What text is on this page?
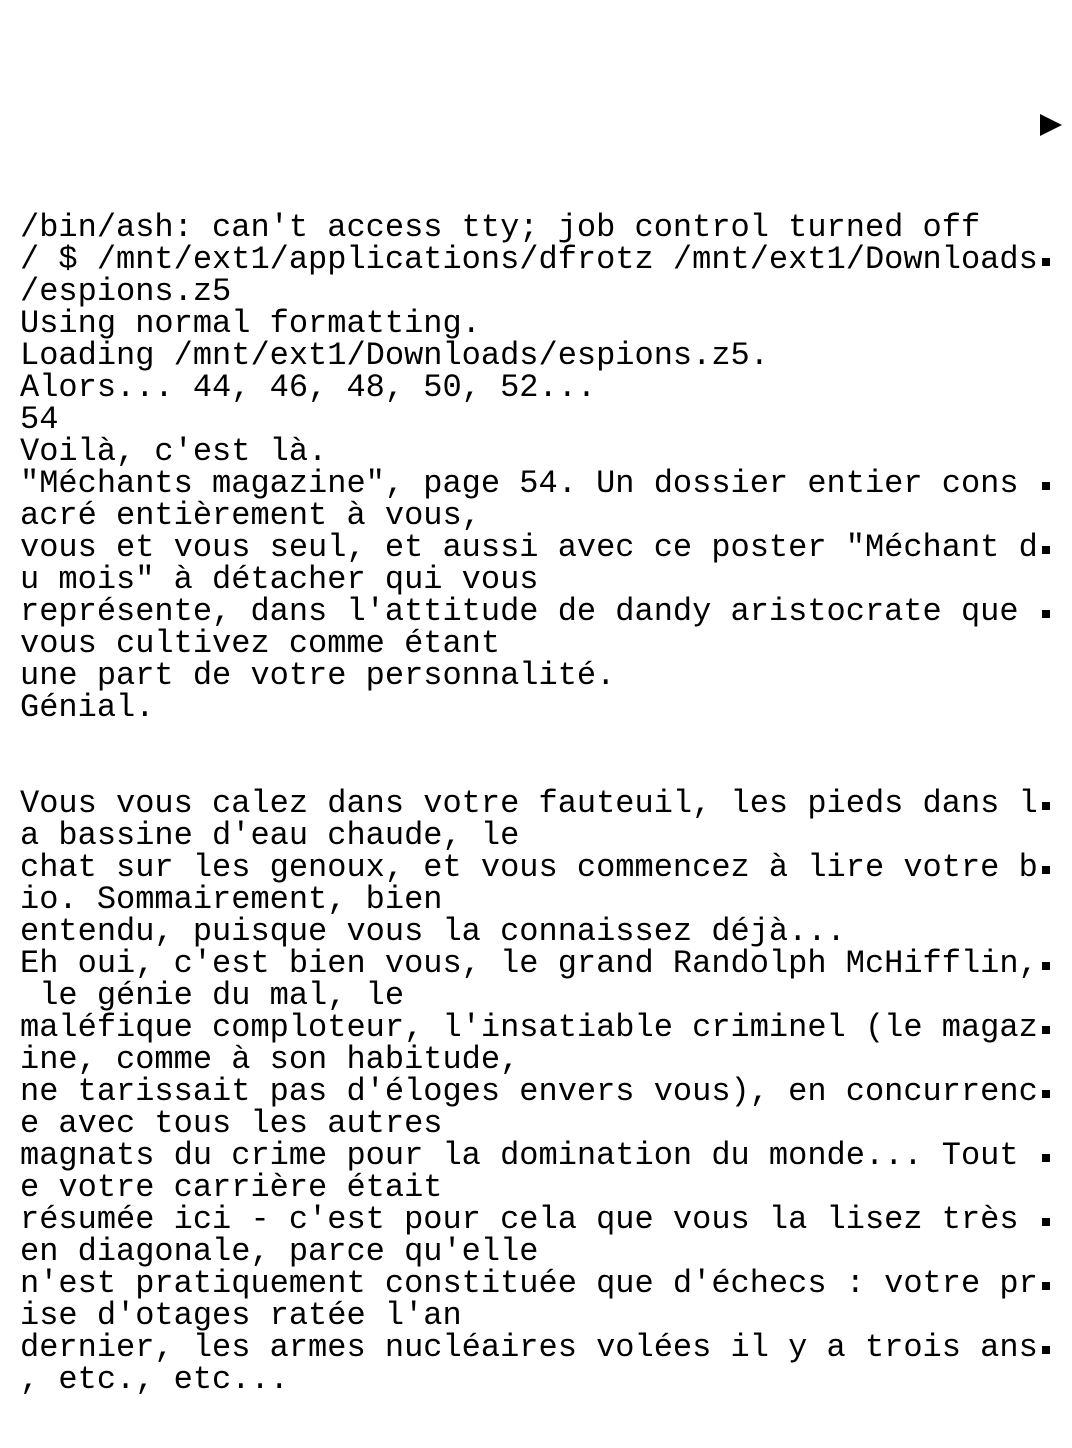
/bin/ash: can't access tty; job control turned off
/ $ /mnt/ext1/applications/dfrotz /mnt/ext1/Downloads
/espions.z5
Using normal formatting.
Loading /mnt/ext1/Downloads/espions.z5.
Alors... 44, 46, 48, 50, 52...
54
Voilà, c'est là.
"Méchants magazine", page 54. Un dossier entier cons
acré entièrement à vous,
vous et vous seul, et aussi avec ce poster "Méchant d
u mois" à détacher qui vous
représente, dans l'attitude de dandy aristocrate que
vous cultivez comme étant
une part de votre personnalité.
Génial.
Vous vous calez dans votre fauteuil, les pieds dans l
a bassine d'eau chaude, le
chat sur les genoux, et vous commencez à lire votre b
io. Sommairement, bien
entendu, puisque vous la connaissez déjà...
Eh oui, c'est bien vous, le grand Randolph McHifflin,
le génie du mal, le
maléfique comploteur, l'insatiable criminel (le magaz
ine, comme à son habitude,
ne tarissait pas d'éloges envers vous), en concurrenc
e avec tous les autres
magnats du crime pour la domination du monde... Tout
e votre carrière était
résumée ici - c'est pour cela que vous la lisez très
en diagonale, parce qu'elle
n'est pratiquement constituée que d'échecs : votre pr
ise d'otages ratée l'an
dernier, les armes nucléaires volées il y a trois ans
, etc., etc...
